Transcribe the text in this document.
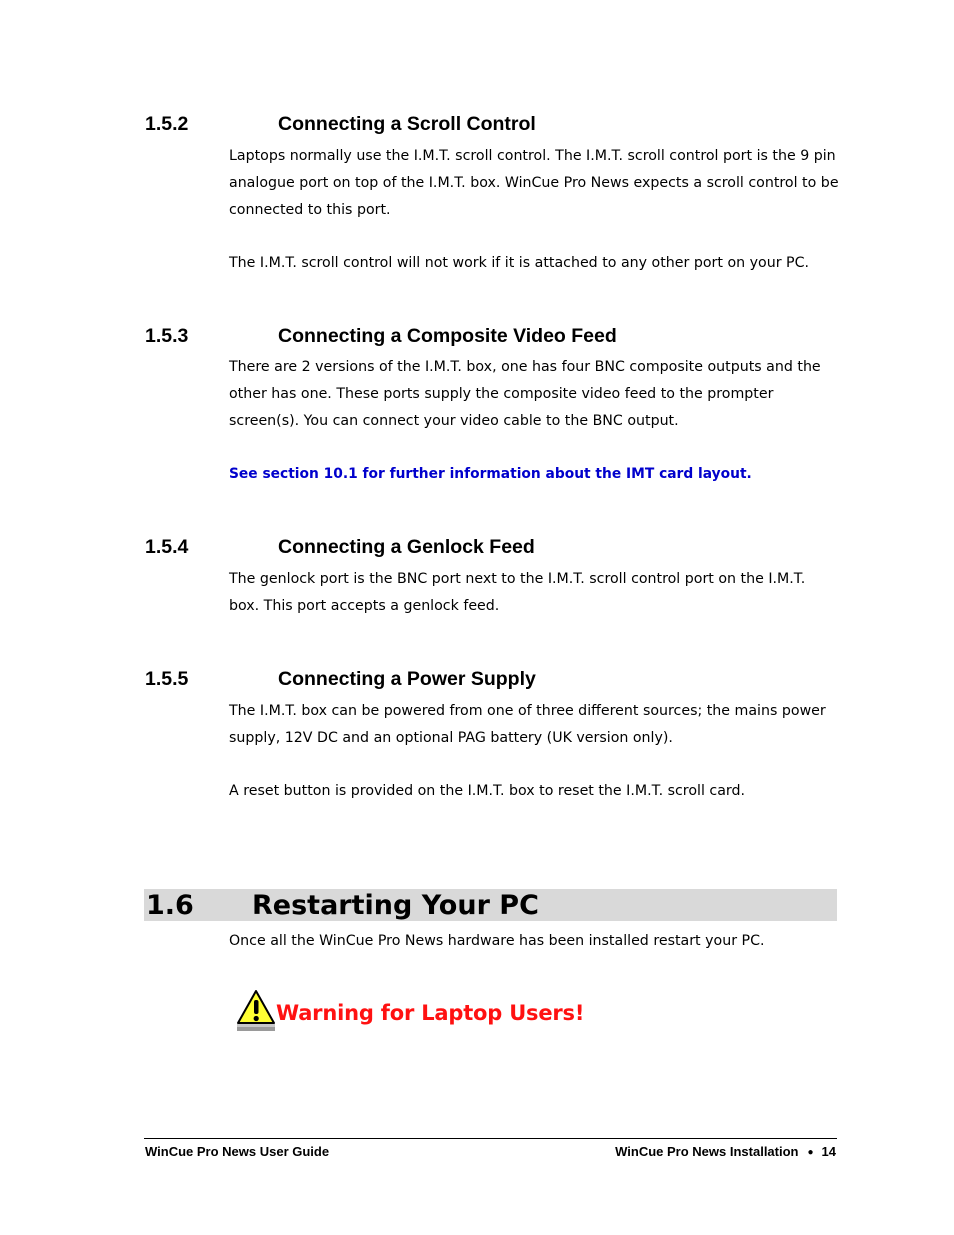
1.5.2	Connecting a Scroll Control

Laptops normally use the I.M.T. scroll control. The I.M.T. scroll control port is the 9 pin analogue port on top of the I.M.T. box. WinCue Pro News expects a scroll control to be connected to this port.

The I.M.T. scroll control will not work if it is attached to any other port on your PC.

1.5.3	Connecting a Composite Video Feed

There are 2 versions of the I.M.T. box, one has four BNC composite outputs and the other has one. These ports supply the composite video feed to the prompter screen(s). You can connect your video cable to the BNC output.

See section 10.1 for further information about the IMT card layout.

1.5.4	Connecting a Genlock Feed

The genlock port is the BNC port next to the I.M.T. scroll control port on the I.M.T. box. This port accepts a genlock feed.

1.5.5	Connecting a Power Supply

The I.M.T. box can be powered from one of three different sources; the mains power supply, 12V DC and an optional PAG battery (UK version only).

A reset button is provided on the I.M.T. box to reset the I.M.T. scroll card.

1.6 Restarting Your PC

Once all the WinCue Pro News hardware has been installed restart your PC.

Warning for Laptop Users!
WinCue Pro News User Guide	WinCue Pro News Installation ● 14
